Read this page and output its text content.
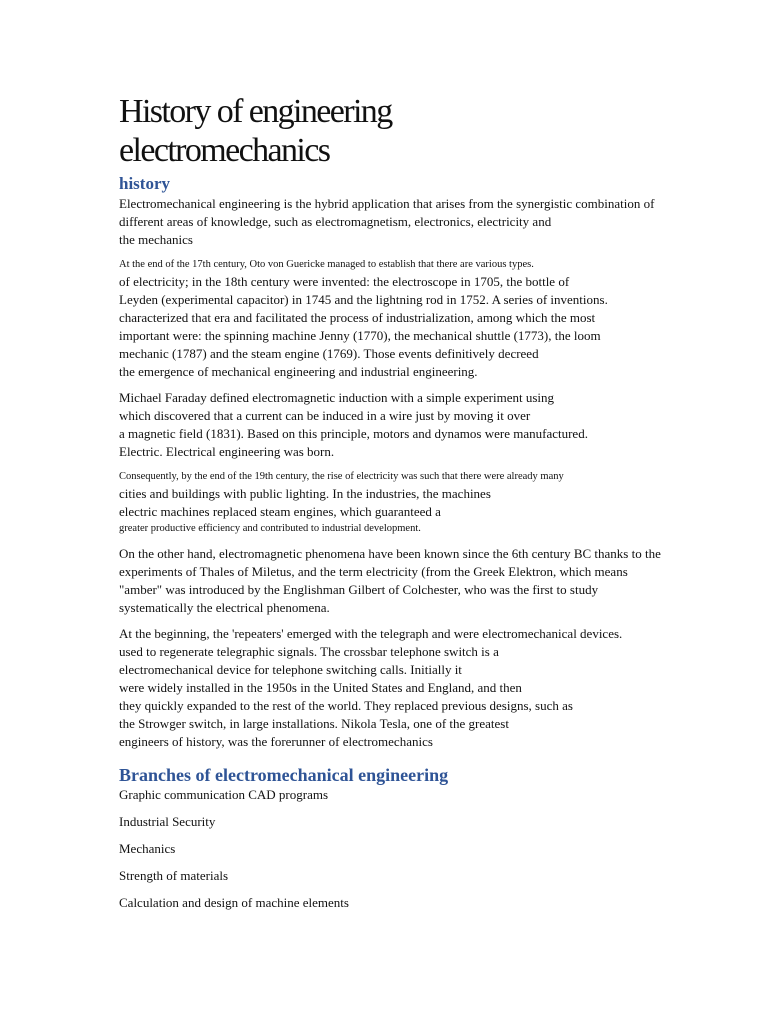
History of engineering
electromechanics
history

Electromechanical engineering is the hybrid application that arises from the synergistic combination of
different areas of knowledge, such as electromagnetism, electronics, electricity and
the mechanics

At the end of the 17th century, Oto von Guericke managed to establish that there are various types.
of electricity; in the 18th century were invented: the electroscope in 1705, the bottle of
Leyden (experimental capacitor) in 1745 and the lightning rod in 1752. A series of inventions.
characterized that era and facilitated the process of industrialization, among which the most
important were: the spinning machine Jenny (1770), the mechanical shuttle (1773), the loom
mechanic (1787) and the steam engine (1769). Those events definitively decreed
the emergence of mechanical engineering and industrial engineering.

Michael Faraday defined electromagnetic induction with a simple experiment using
which discovered that a current can be induced in a wire just by moving it over
a magnetic field (1831). Based on this principle, motors and dynamos were manufactured.
Electric. Electrical engineering was born.

Consequently, by the end of the 19th century, the rise of electricity was such that there were already many
cities and buildings with public lighting. In the industries, the machines
electric machines replaced steam engines, which guaranteed a
greater productive efficiency and contributed to industrial development.

On the other hand, electromagnetic phenomena have been known since the 6th century BC thanks to the
experiments of Thales of Miletus, and the term electricity (from the Greek Elektron, which means
"amber" was introduced by the Englishman Gilbert of Colchester, who was the first to study
systematically the electrical phenomena.

At the beginning, the 'repeaters' emerged with the telegraph and were electromechanical devices.
used to regenerate telegraphic signals. The crossbar telephone switch is a
electromechanical device for telephone switching calls. Initially it
were widely installed in the 1950s in the United States and England, and then
they quickly expanded to the rest of the world. They replaced previous designs, such as
the Strowger switch, in large installations. Nikola Tesla, one of the greatest
engineers of history, was the forerunner of electromechanics

Branches of electromechanical engineering

Graphic communication CAD programs

Industrial Security

Mechanics

Strength of materials

Calculation and design of machine elements
